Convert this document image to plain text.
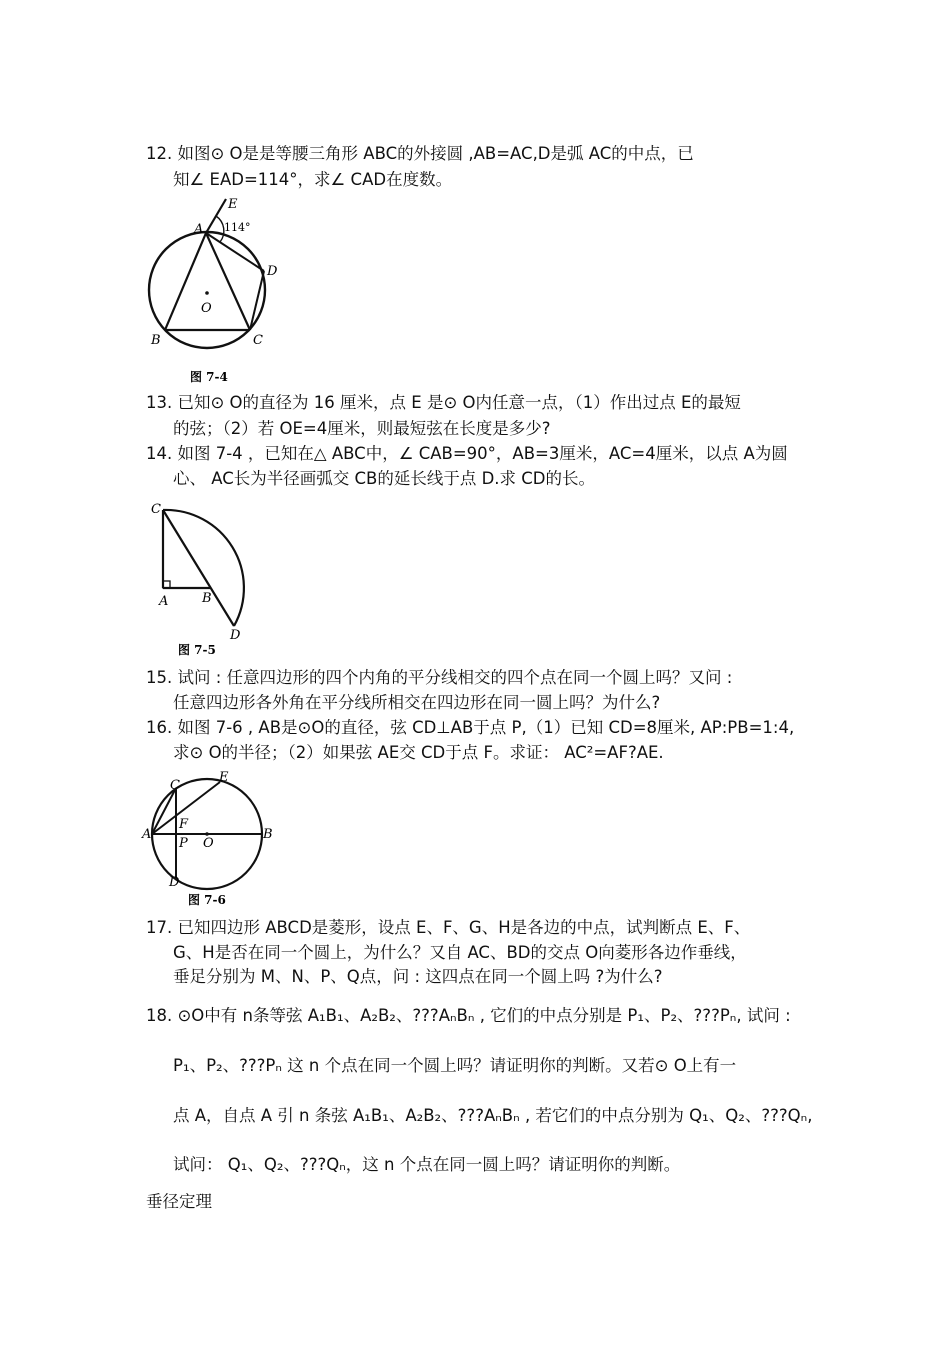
12. 如图⊙ O是是等腰三角形 ABC的外接圆 ,AB=AC,D是弧 AC的中点，已
知∠ EAD=114°，求∠ CAD在度数。
E
A 114°
D
O
B	C
图 7-4
13. 已知⊙ O的直径为 16 厘米，点 E 是⊙ O内任意一点，（1）作出过点 E的最短
的弦；（2）若 OE=4厘米，则最短弦在长度是多少?
14. 如图 7-4 ，已知在△ ABC中，∠ CAB=90°，AB=3厘米，AC=4厘米，以点 A为圆
心、 AC长为半径画弧交 CB的延长线于点 D.求 CD的长。
C
A	B
D
图 7-5
15. 试问 : 任意四边形的四个内角的平分线相交的四个点在同一个圆上吗？又问 :
任意四边形各外角在平分线所相交在四边形在同一圆上吗？为什么?
16. 如图 7-6 , AB是⊙O的直径，弦 CD⊥AB于点 P,（1）已知 CD=8厘米, AP:PB=1:4,
求⊙ O的半径；（2）如果弦 AE交 CD于点 F。求证： AC²=AF?AE.
C
E
F
A
P O
B
D
图 7-6
17. 已知四边形 ABCD是菱形，设点 E、F、G、H是各边的中点，试判断点 E、F、
G、H是否在同一个圆上，为什么？又自 AC、BD的交点 O向菱形各边作垂线，
垂足分别为 M、N、P、Q点，问 : 这四点在同一个圆上吗 ?为什么?
18. ⊙O中有 n条等弦 A₁B₁、A₂B₂、???AₙBₙ , 它们的中点分别是 P₁、P₂、???Pₙ, 试问 :
P₁、P₂、???Pₙ 这 n 个点在同一个圆上吗？请证明你的判断。又若⊙ O上有一
点 A，自点 A 引 n 条弦 A₁B₁、A₂B₂、???AₙBₙ , 若它们的中点分别为 Q₁、Q₂、???Qₙ,
试问： Q₁、Q₂、???Qₙ，这 n 个点在同一圆上吗？请证明你的判断。
垂径定理
